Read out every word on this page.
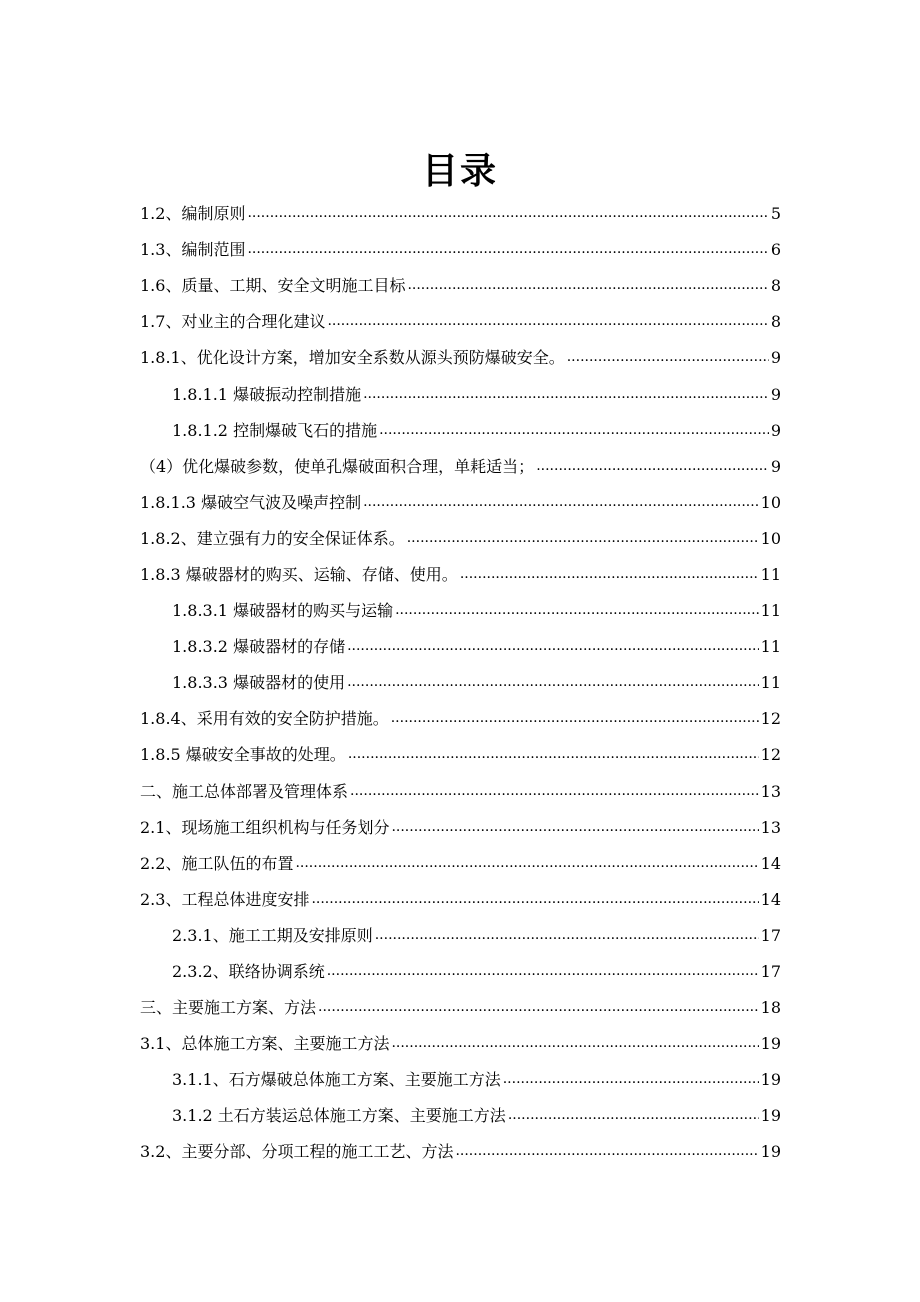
目录
1.2、编制原则 .....	5
1.3、编制范围 .....	6
1.6、质量、工期、安全文明施工目标 .....	8
1.7、对业主的合理化建议 .....	8
1.8.1、优化设计方案，增加安全系数从源头预防爆破安全。 .....	9
1.8.1.1 爆破振动控制措施 .....	9
1.8.1.2 控制爆破飞石的措施 .....	9
（4）优化爆破参数，使单孔爆破面积合理，单耗适当； .....	9
1.8.1.3 爆破空气波及噪声控制 .....	10
1.8.2、建立强有力的安全保证体系。 .....	10
1.8.3 爆破器材的购买、运输、存储、使用。 .....	11
1.8.3.1 爆破器材的购买与运输 .....	11
1.8.3.2 爆破器材的存储 .....	11
1.8.3.3 爆破器材的使用 .....	11
1.8.4、采用有效的安全防护措施。 .....	12
1.8.5 爆破安全事故的处理。 .....	12
二、施工总体部署及管理体系 .....	13
2.1、现场施工组织机构与任务划分 .....	13
2.2、施工队伍的布置 .....	14
2.3、工程总体进度安排 .....	14
2.3.1、施工工期及安排原则 .....	17
2.3.2、联络协调系统 .....	17
三、主要施工方案、方法 .....	18
3.1、总体施工方案、主要施工方法 .....	19
3.1.1、石方爆破总体施工方案、主要施工方法 .....	19
3.1.2 土石方装运总体施工方案、主要施工方法 .....	19
3.2、主要分部、分项工程的施工工艺、方法 .....	19
